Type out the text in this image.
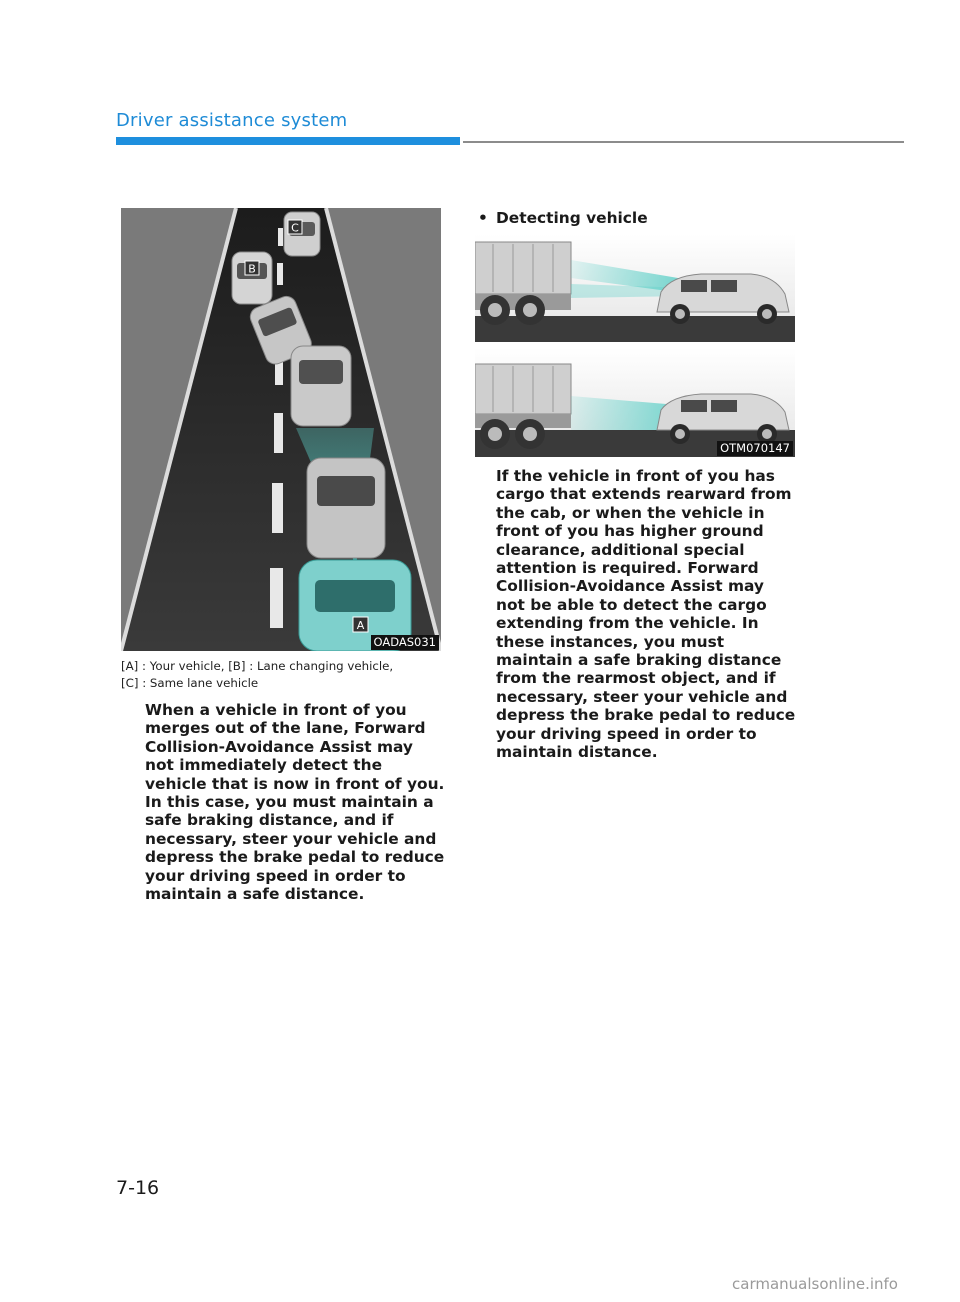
Driver assistance system
C
B
A
OADAS031
[A] : Your vehicle, [B] : Lane changing vehicle,
[C] : Same lane vehicle
When a vehicle in front of you merges out of the lane, Forward Collision-Avoidance Assist may not immediately detect the vehicle that is now in front of you. In this case, you must maintain a safe braking distance, and if necessary, steer your vehicle and depress the brake pedal to reduce your driving speed in order to maintain a safe distance.
• Detecting vehicle
OTM070147
If the vehicle in front of you has cargo that extends rearward from the cab, or when the vehicle in front of you has higher ground clearance, additional special attention is required. Forward Collision-Avoidance Assist may not be able to detect the cargo extending from the vehicle. In these instances, you must maintain a safe braking distance from the rearmost object, and if necessary, steer your vehicle and depress the brake pedal to reduce your driving speed in order to maintain distance.
7-16
carmanualsonline.info
